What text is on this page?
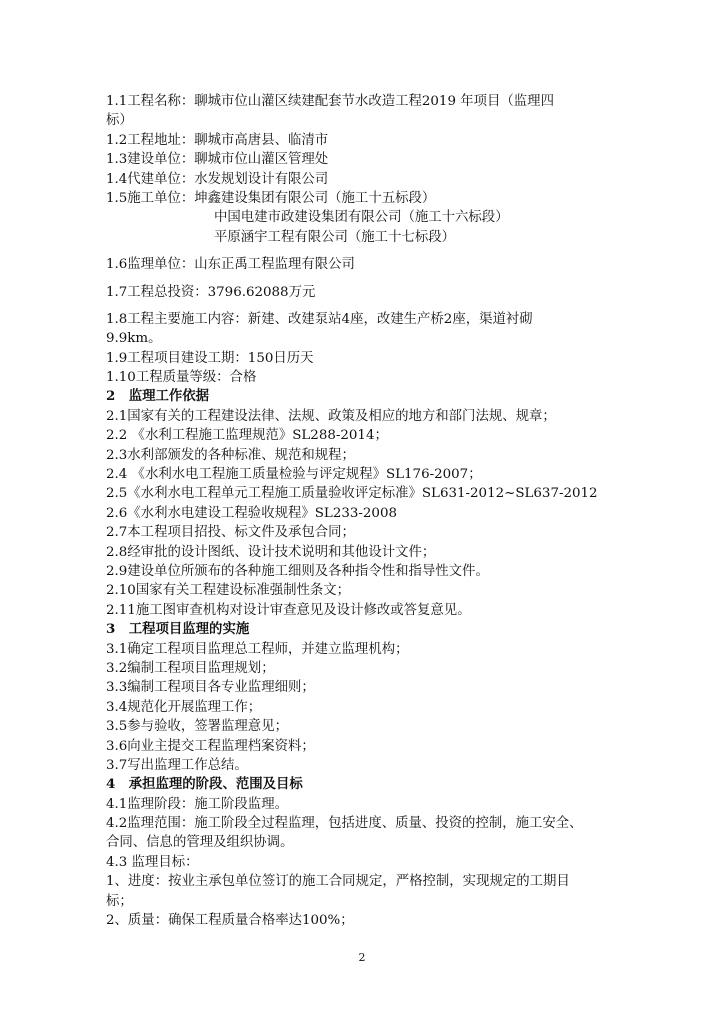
1.1工程名称：聊城市位山灌区续建配套节水改造工程2019 年项目（监理四
标）
1.2工程地址：聊城市高唐县、临清市
1.3建设单位：聊城市位山灌区管理处
1.4代建单位：水发规划设计有限公司
1.5施工单位：坤鑫建设集团有限公司（施工十五标段）
中国电建市政建设集团有限公司（施工十六标段）
平原涵宇工程有限公司（施工十七标段）
1.6监理单位：山东正禹工程监理有限公司
1.7工程总投资：3796.62088万元
1.8工程主要施工内容：新建、改建泵站4座，改建生产桥2座，渠道衬砌
9.9km。
1.9工程项目建设工期：150日历天
1.10工程质量等级：合格
2　监理工作依据
2.1国家有关的工程建设法律、法规、政策及相应的地方和部门法规、规章；
2.2 《水利工程施工监理规范》SL288-2014；
2.3水利部颁发的各种标准、规范和规程；
2.4 《水利水电工程施工质量检验与评定规程》SL176-2007；
2.5《水利水电工程单元工程施工质量验收评定标准》SL631-2012~SL637-2012
2.6《水利水电建设工程验收规程》SL233-2008
2.7本工程项目招投、标文件及承包合同；
2.8经审批的设计图纸、设计技术说明和其他设计文件；
2.9建设单位所颁布的各种施工细则及各种指令性和指导性文件。
2.10国家有关工程建设标准强制性条文；
2.11施工图审查机构对设计审查意见及设计修改或答复意见。
3　工程项目监理的实施
3.1确定工程项目监理总工程师，并建立监理机构；
3.2编制工程项目监理规划；
3.3编制工程项目各专业监理细则；
3.4规范化开展监理工作；
3.5参与验收，签署监理意见；
3.6向业主提交工程监理档案资料；
3.7写出监理工作总结。
4　承担监理的阶段、范围及目标
4.1监理阶段：施工阶段监理。
4.2监理范围：施工阶段全过程监理，包括进度、质量、投资的控制，施工安全、
合同、信息的管理及组织协调。
4.3 监理目标：
1、进度：按业主承包单位签订的施工合同规定，严格控制，实现规定的工期目
标；
2、质量：确保工程质量合格率达100%；
2
